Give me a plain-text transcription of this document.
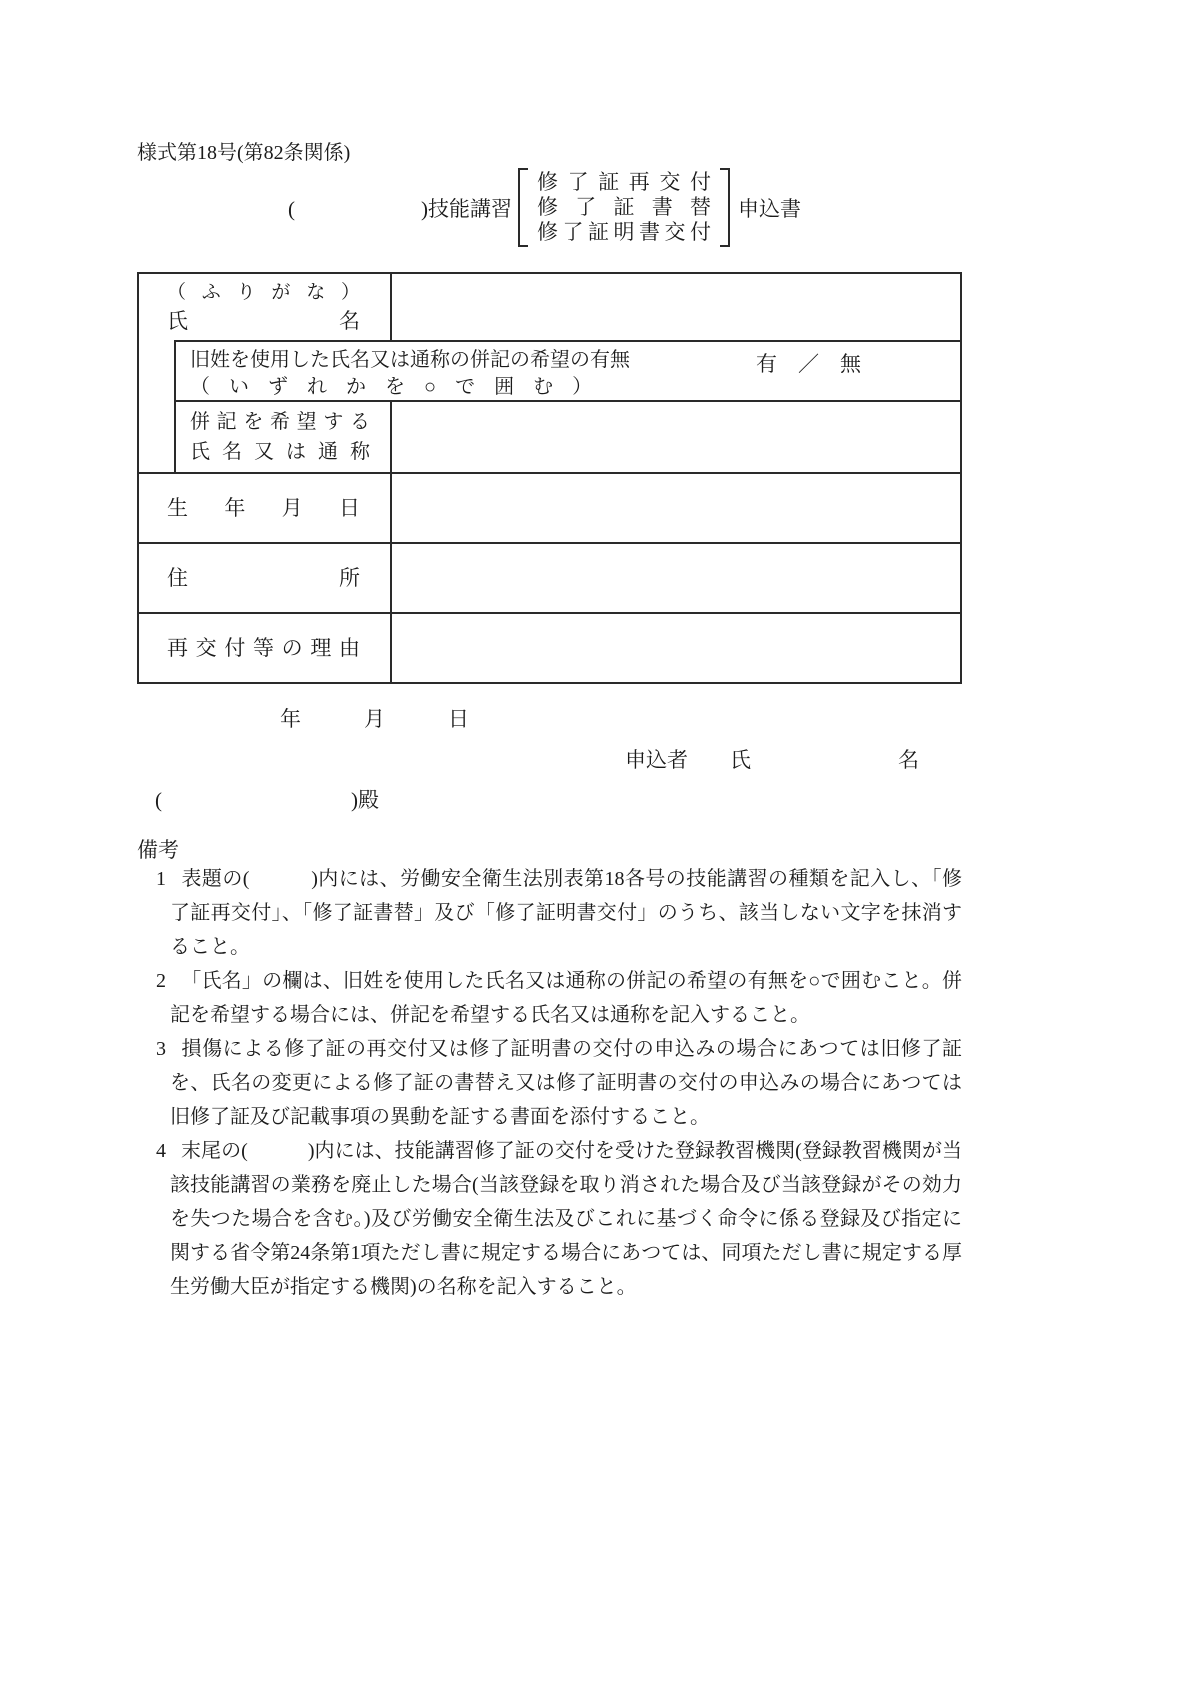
様式第18号(第82条関係)
(　　　　　　)技能講習
修了証再交付
修了証書替
修了証明書交付
申込書
（ふりがな）
氏名
旧姓を使用した氏名又は通称の併記の希望の有無
（いずれかを○で囲む）
有　／　無
併記を希望する
氏名又は通称
生年月日
住所
再交付等の理由
年　　　月　　　日
申込者　　氏　　　　　　　名
(　　　　　　　　　)殿
備考
1 表題の(　　　)内には、労働安全衛生法別表第18各号の技能講習の種類を記入し、「修了証再交付」、「修了証書替」及び「修了証明書交付」のうち、該当しない文字を抹消すること。
2 「氏名」の欄は、旧姓を使用した氏名又は通称の併記の希望の有無を○で囲むこと。併記を希望する場合には、併記を希望する氏名又は通称を記入すること。
3 損傷による修了証の再交付又は修了証明書の交付の申込みの場合にあつては旧修了証を、氏名の変更による修了証の書替え又は修了証明書の交付の申込みの場合にあつては旧修了証及び記載事項の異動を証する書面を添付すること。
4 末尾の(　　　)内には、技能講習修了証の交付を受けた登録教習機関(登録教習機関が当該技能講習の業務を廃止した場合(当該登録を取り消された場合及び当該登録がその効力を失つた場合を含む。)及び労働安全衛生法及びこれに基づく命令に係る登録及び指定に関する省令第24条第1項ただし書に規定する場合にあつては、同項ただし書に規定する厚生労働大臣が指定する機関)の名称を記入すること。
